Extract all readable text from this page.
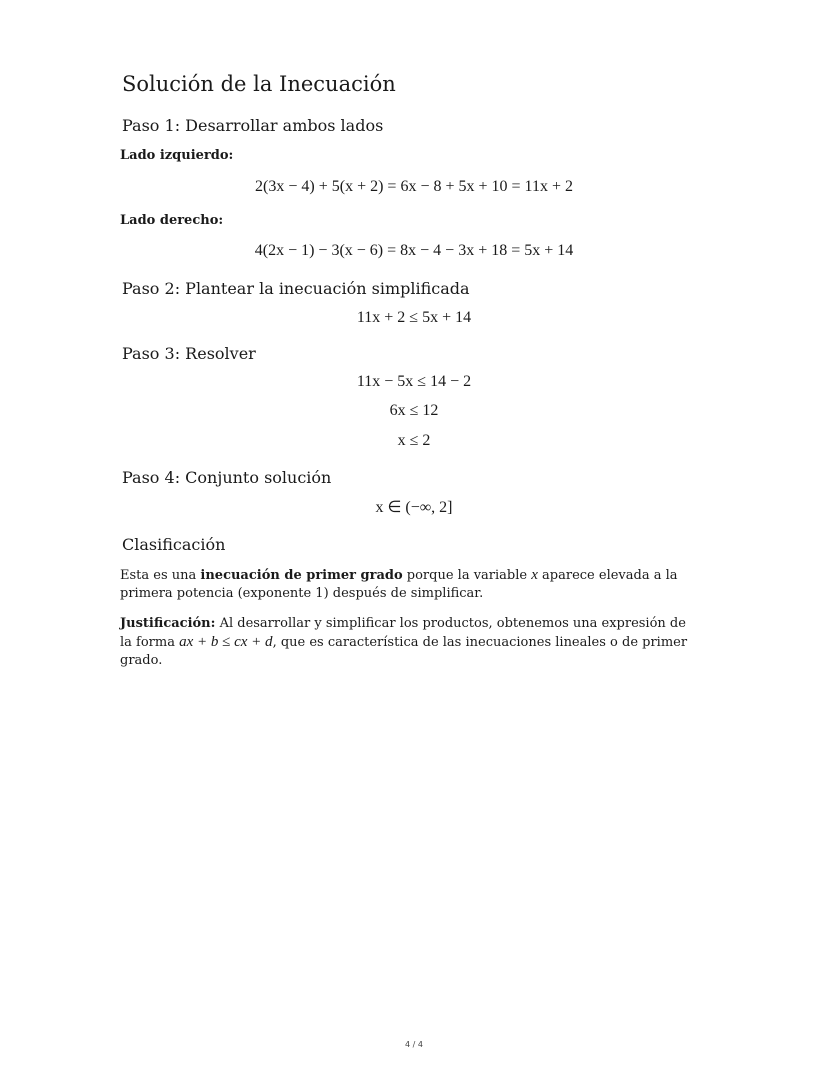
Solución de la Inecuación
Paso 1: Desarrollar ambos lados

Lado izquierdo:

2(3x − 4) + 5(x + 2) = 6x − 8 + 5x + 10 = 11x + 2

Lado derecho:

4(2x − 1) − 3(x − 6) = 8x − 4 − 3x + 18 = 5x + 14

Paso 2: Plantear la inecuación simplificada

11x + 2 ≤ 5x + 14

Paso 3: Resolver

11x − 5x ≤ 14 − 2

6x ≤ 12

x ≤ 2

Paso 4: Conjunto solución

x ∈ (−∞, 2]

Clasificación

Esta es una inecuación de primer grado porque la variable x aparece elevada a la primera potencia (exponente 1) después de simplificar.

Justificación: Al desarrollar y simplificar los productos, obtenemos una expresión de la forma ax + b ≤ cx + d, que es característica de las inecuaciones lineales o de primer grado.

4 / 4
